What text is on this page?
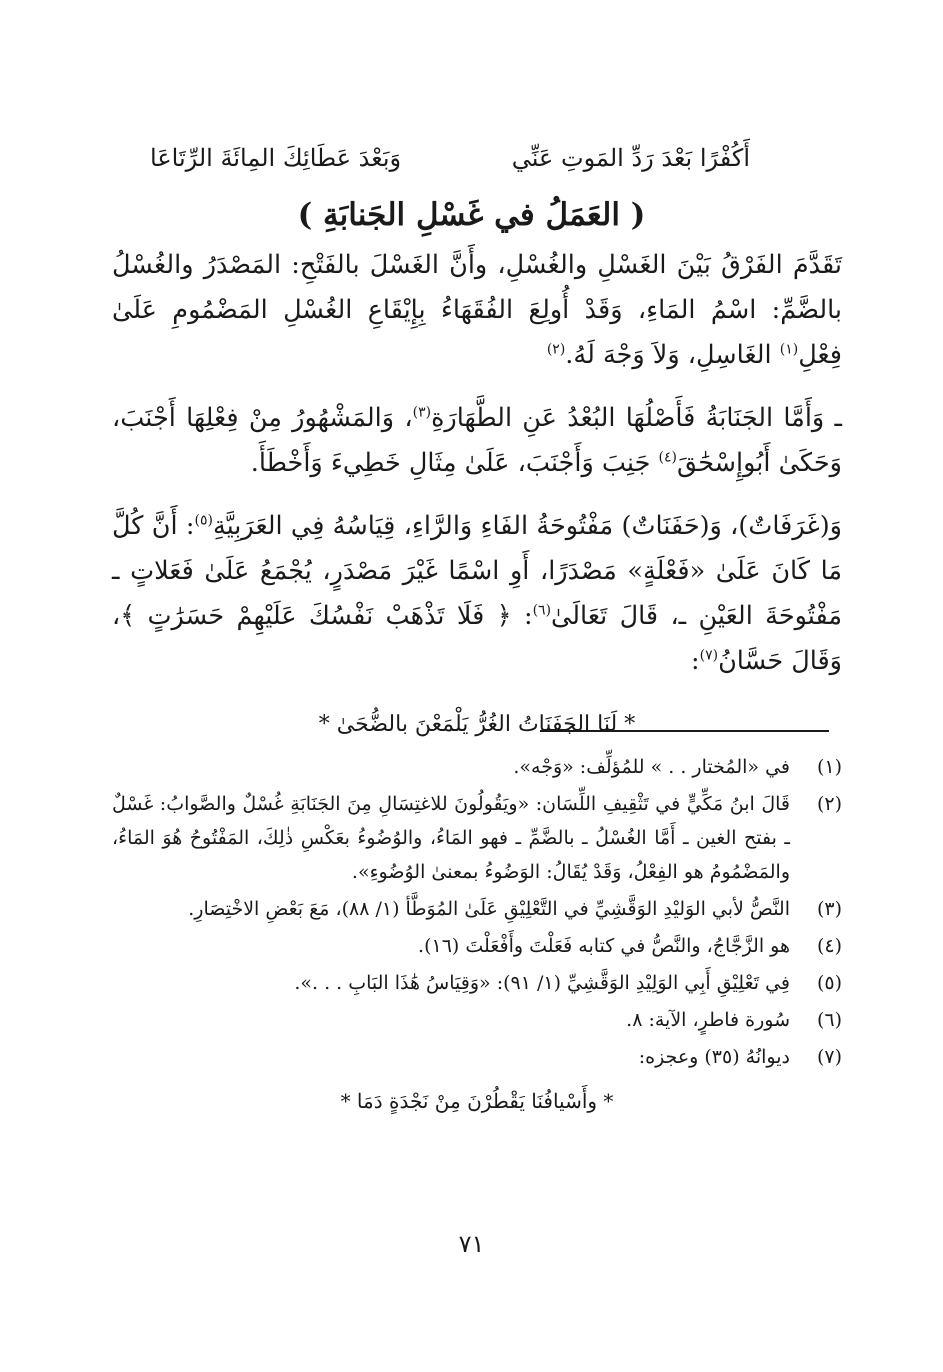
أَكُفْرًا بَعْدَ رَدِّ المَوتِ عَنِّي
وَبَعْدَ عَطَائِكَ المِائَةَ الرِّتَاعَا
( العَمَلُ في غَسْلِ الجَنابَةِ )

تَقَدَّمَ الفَرْقُ بَيْنَ الغَسْلِ والغُسْلِ، وأَنَّ الغَسْلَ بالفَتْحِ: المَصْدَرُ والغُسْلُ بالضَّمِّ: اسْمُ المَاءِ، وَقَدْ أُولِعَ الفُقَهَاءُ بِإِيْقَاعِ الغُسْلِ المَضْمُومِ عَلَىٰ فِعْلِ$^{(١)}$ الغَاسِلِ، وَلاَ وَجْهَ لَهُ.$^{(٢)}$

ـ وَأَمَّا الجَنَابَةُ فَأَصْلُهَا البُعْدُ عَنِ الطَّهَارَةِ$^{(٣)}$، وَالمَشْهُورُ مِنْ فِعْلِهَا أَجْنَبَ، وَحَكَىٰ أَبُوإِسْحَٰقَ$^{(٤)}$ جَنِبَ وَأَجْنَبَ، عَلَىٰ مِثَالِ خَطِيءَ وَأَخْطَأَ.

وَ(غَرَفَاتٌ)، وَ(حَفَنَاتٌ) مَفْتُوحَةُ الفَاءِ وَالرَّاءِ، قِيَاسُهُ فِي العَرَبِيَّةِ$^{(٥)}$: أَنَّ كُلَّ مَا كَانَ عَلَىٰ «فَعْلَةٍ» مَصْدَرًا، أَوِ اسْمًا غَيْرَ مَصْدَرٍ، يُجْمَعُ عَلَىٰ فَعَلاتٍ ـ مَفْتُوحَةَ العَيْنِ ـ، قَالَ تَعَالَىٰ$^{(٦)}$: ﴿ فَلَا تَذْهَبْ نَفْسُكَ عَلَيْهِمْ حَسَرَٰتٍ ﴾، وَقَالَ حَسَّانُ$^{(٧)}$:

* لَنَا الجَفَنَاتُ الغُرُّ يَلْمَعْنَ بالضُّحَىٰ *
(١)
في «المُختار . . » للمُؤلِّف: «وَجْه».
(٢)
قَالَ ابنُ مَكِّيٍّ في تَثْقِيفِ اللِّسَان: «ويَقُولُونَ للاغتِسَالِ مِنَ الجَنَابَةِ غُسْلٌ والصَّوابُ: غَسْلٌ ـ بفتح الغين ـ أَمَّا الغُسْلُ ـ بالضَّمِّ ـ فهو المَاءُ، والوُضُوءُ بعَكْسِ ذٰلِكَ، المَفْتُوحُ هُوَ المَاءُ، والمَضْمُومُ هو الفِعْلُ، وَقَدْ يُقَالُ: الوَضُوءُ بمعنىٰ الوُضُوءِ».
(٣)
النَّصُّ لأبي الوَليْدِ الوَقَّشِيِّ في التَّعْلِيْقِ عَلَىٰ المُوَطَّأ (١/ ٨٨)، مَعَ بَعْضِ الاخْتِصَارِ.
(٤)
هو الزَّجَّاجُ، والنَّصُّ في كتابه فَعَلْتَ وأَفْعَلْتَ (١٦).
(٥)
فِي تَعْلِيْقِ أَبِي الوَلِيْدِ الوَقَّشِيِّ (١/ ٩١): «وَقِيَاسُ هَٰذَا البَابِ . . .».
(٦)
سُورة فاطرٍ، الآية: ٨.
(٧)
ديوانُهُ (٣٥) وعجزه:
* وأَسْيافُنَا يَقْطُرْنَ مِنْ نَجْدَةٍ دَمَا *
٧١
